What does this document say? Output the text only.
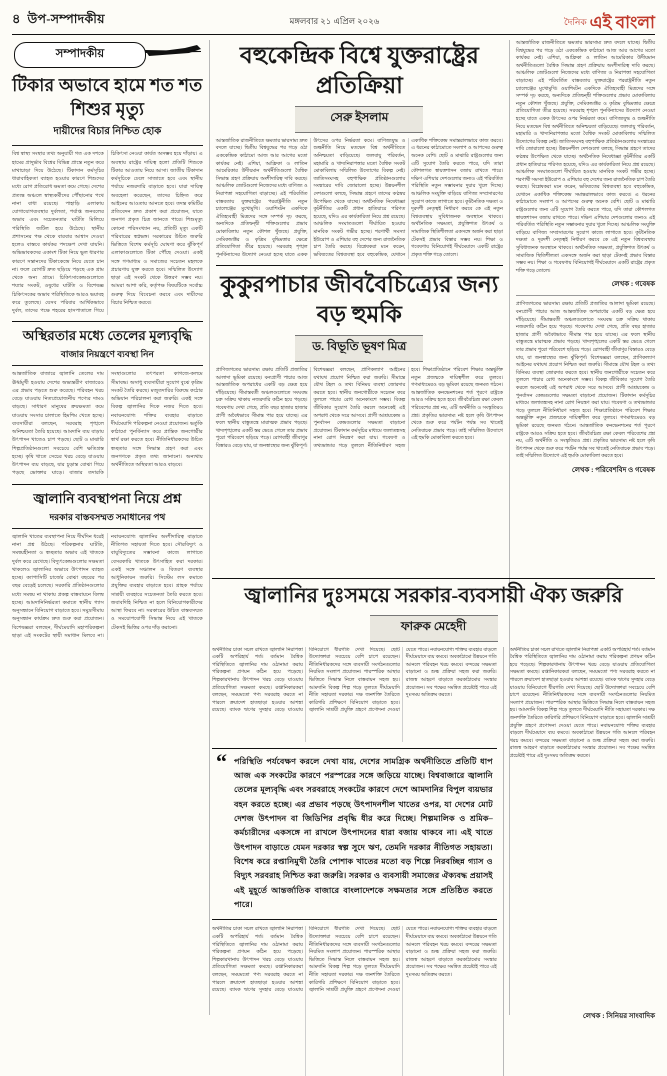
৪ উপ-সম্পাদকীয়	মঙ্গলবার ২১ এপ্রিল ২০২৬	দৈনিক এই বাংলা
সম্পাদকীয়
টিকার অভাবে হামে শত শত শিশুর মৃত্যু
দায়ীদের বিচার নিশ্চিত হোক
বিশ্ব স্বাস্থ্য সংস্থার তথ্য অনুযায়ী গত এক দশকে হামের প্রাদুর্ভাব বিশ্বের বিভিন্ন প্রান্তে নতুন করে মাথাচাড়া দিয়ে উঠেছে। টিকাদান কর্মসূচির ধারাবাহিকতা ব্যাহত হওয়ার কারণে শিশুদের মধ্যে রোগ প্রতিরোধ ক্ষমতা কমে গেছে। দেশের প্রত্যন্ত অঞ্চলে স্বাস্থ্যকর্মীদের পৌঁছানোর পথে নানা বাধা রয়েছে। পাহাড়ি এলাকায় যোগাযোগব্যবস্থার দুর্বলতা, পর্যাপ্ত জনবলের অভাব এবং সচেতনতার ঘাটতি মিলিয়ে পরিস্থিতি জটিল হয়ে উঠেছে। স্থানীয় প্রশাসনের পক্ষ থেকে বারবার আশ্বাস দেওয়া হলেও বাস্তবে কার্যকর পদক্ষেপ দেখা যায়নি। অভিভাবকদের একাংশ টিকা নিয়ে ভুল ধারণার কারণে সন্তানদের টিকাকেন্দ্রে নিয়ে যেতে চান না। ফলে রোগটি দ্রুত ছড়িয়ে পড়ছে এক গ্রাম থেকে অন্য গ্রামে। চিকিৎসাকেন্দ্রগুলোতে শয্যার সংকট, ওষুধের ঘাটতি ও বিশেষজ্ঞ চিকিৎসকের অভাব পরিস্থিতিকে আরও ভয়াবহ করে তুলেছে। যেসব পরিবার আর্থিকভাবে দুর্বল, তাদের পক্ষে শহরের হাসপাতালে গিয়ে চিকিৎসা নেওয়া কার্যত অসম্ভব হয়ে দাঁড়ায়। এ অবস্থায় রাষ্ট্রের দায়িত্ব হলো প্রতিটি শিশুকে টিকার আওতায় নিয়ে আসা। জাতীয় টিকাদান কর্মসূচিকে ঢেলে সাজাতে হবে এবং স্থানীয় পর্যায়ে নজরদারি বাড়াতে হবে। যারা দায়িত্ব অবহেলা করেছেন, তাদের চিহ্নিত করে আইনের আওতায় আনতে হবে। তদন্ত কমিটির প্রতিবেদন দ্রুত প্রকাশ করা প্রয়োজন, যাতে জনগণ প্রকৃত চিত্র জানতে পারে। শিশুমৃত্যু কোনো পরিসংখ্যান নয়, প্রতিটি মৃত্যু একটি পরিবারের স্বপ্নভঙ্গ। সরকারের উচিত জরুরি ভিত্তিতে বিশেষ কর্মসূচি ঘোষণা করে ঝুঁকিপূর্ণ এলাকাগুলোতে টিকা পৌঁছে দেওয়া। একই সঙ্গে গণমাধ্যম ও সমাজের সচেতন মহলকে প্রচারণায় যুক্ত করতে হবে। সম্মিলিত উদ্যোগ ছাড়া এই সংকট থেকে উত্তরণ সম্ভব নয়। আমরা আশা করি, কর্তৃপক্ষ বিষয়টিকে সর্বোচ্চ গুরুত্ব দিয়ে বিবেচনা করবে এবং দায়ীদের বিচার নিশ্চিত করবে।
অস্থিরতার মধ্যে তেলের মূল্যবৃদ্ধি
বাজার নিয়ন্ত্রণে ব্যবস্থা নিন
আন্তর্জাতিক বাজারে জ্বালানি তেলের দাম ঊর্ধ্বমুখী হওয়ায় দেশের অভ্যন্তরীণ বাজারেও এর প্রভাব পড়তে শুরু করেছে। পরিবহন খরচ বেড়ে যাওয়ায় নিত্যপ্রয়োজনীয় পণ্যের দামও বাড়ছে। সাধারণ মানুষের ক্রয়ক্ষমতা কমে যাওয়ায় সংসার চালাতে হিমশিম খেতে হচ্ছে। ব্যবসায়ীরা বলছেন, সরবরাহ শৃঙ্খলে অনিশ্চয়তা তৈরি হয়েছে। আমদানি ব্যয় বাড়ায় উৎপাদন খাতেও চাপ পড়ছে। ছোট ও মাঝারি শিল্পপ্রতিষ্ঠানগুলো সবচেয়ে বেশি ক্ষতিগ্রস্ত হচ্ছে। কৃষি খাতে সেচের খরচ বেড়ে যাওয়ায় উৎপাদন ব্যয় বাড়ছে, যার চূড়ান্ত বোঝা গিয়ে পড়ছে ভোক্তার ঘাড়ে। বাজার তদারকি সংস্থাগুলোর তৎপরতা কাগজে-কলমে সীমাবদ্ধ। অসাধু ব্যবসায়ীরা সুযোগ বুঝে কৃত্রিম সংকট তৈরি করছে। মজুতদারির বিরুদ্ধে কঠোর অভিযান পরিচালনা করা জরুরি। একই সঙ্গে বিকল্প জ্বালানির দিকে নজর দিতে হবে। নবায়নযোগ্য শক্তির ব্যবহার বাড়াতে দীর্ঘমেয়াদি পরিকল্পনা নেওয়া প্রয়োজন। ভর্তুকি কাঠামো পুনর্বিন্যাস করে প্রান্তিক জনগোষ্ঠীর স্বার্থ রক্ষা করতে হবে। নীতিনির্ধারকদের উচিত স্বচ্ছতার সঙ্গে সিদ্ধান্ত গ্রহণ করা এবং জনগণকে প্রকৃত তথ্য জানানো। অন্যথায় অর্থনীতিতে অস্থিরতা আরও বাড়বে।
জ্বালানি ব্যবস্থাপনা নিয়ে প্রশ্ন
দরকার বাস্তবসম্মত সমাধানের পথ
জ্বালানি খাতের ব্যবস্থাপনা নিয়ে দীর্ঘদিন ধরেই নানা প্রশ্ন উঠছে। পরিকল্পনার ঘাটতি, সমন্বয়হীনতা ও স্বচ্ছতার অভাব এই খাতকে দুর্বল করে রেখেছে। বিদ্যুৎকেন্দ্রগুলোর সক্ষমতা থাকলেও জ্বালানির অভাবে উৎপাদন ব্যাহত হচ্ছে। ক্যাপাসিটি চার্জের বোঝা বছরের পর বছর বেড়েই চলেছে। সরকারি প্রতিষ্ঠানগুলোর মধ্যে সমন্বয় না থাকায় প্রকল্প বাস্তবায়নে বিলম্ব হচ্ছে। আমদানিনির্ভরতা কমাতে স্থানীয় গ্যাস অনুসন্ধানে বিনিয়োগ বাড়াতে হবে। সমুদ্রসীমায় অনুসন্ধান কার্যক্রম দ্রুত শুরু করা প্রয়োজন। বিশেষজ্ঞরা বলছেন, দীর্ঘমেয়াদি মহাপরিকল্পনা ছাড়া এই সংকটের স্থায়ী সমাধান মিলবে না। নবায়নযোগ্য জ্বালানির অংশীদারিত্ব বাড়াতে নীতিগত সহায়তা দিতে হবে। সৌরবিদ্যুৎ ও বায়ুবিদ্যুতের সম্ভাবনা কাজে লাগাতে বেসরকারি খাতকে উৎসাহিত করা দরকার। একই সঙ্গে সঞ্চালন ও বিতরণ ব্যবস্থার আধুনিকায়ন জরুরি। সিস্টেম লস কমাতে প্রযুক্তির ব্যবহার বাড়াতে হবে। গ্রাহক পর্যায়ে সাশ্রয়ী ব্যবহারে সচেতনতা তৈরি করতে হবে। জবাবদিহি নিশ্চিত না হলে বিনিয়োগকারীদের আস্থা ফিরবে না। সরকারের উচিত বাস্তবসম্মত ও সময়োপযোগী সিদ্ধান্ত নিয়ে এই খাতকে টেকসই ভিত্তির ওপর দাঁড় করানো।
বহুকেন্দ্রিক বিশ্বে যুক্তরাষ্ট্রের প্রতিক্রিয়া
সেরু ইসলাম
আন্তর্জাতিক রাজনীতিতে ক্ষমতার ভারসাম্য দ্রুত বদলে যাচ্ছে। দ্বিতীয় বিশ্বযুদ্ধের পর গড়ে ওঠা এককেন্দ্রিক কাঠামো আজ আর আগের মতো কার্যকর নেই। এশিয়া, আফ্রিকা ও লাতিন আমেরিকার উদীয়মান অর্থনীতিগুলো বৈশ্বিক সিদ্ধান্ত গ্রহণ প্রক্রিয়ায় অংশীদারিত্ব দাবি করছে। আঞ্চলিক জোটগুলো নিজেদের মধ্যে বাণিজ্য ও নিরাপত্তা সহযোগিতা বাড়াচ্ছে। এই পরিবর্তিত বাস্তবতায় যুক্তরাষ্ট্রের পররাষ্ট্রনীতি নতুন চ্যালেঞ্জের মুখোমুখি। ওয়াশিংটন একদিকে ঐতিহ্যবাহী মিত্রদের সঙ্গে সম্পর্ক দৃঢ় করছে, অন্যদিকে প্রতিদ্বন্দ্বী শক্তিগুলোর প্রভাব মোকাবিলায় নতুন কৌশল খুঁজছে। প্রযুক্তি, সেমিকন্ডাক্টর ও কৃত্রিম বুদ্ধিমত্তার ক্ষেত্রে প্রতিযোগিতা তীব্র হয়েছে। সরবরাহ শৃঙ্খল পুনর্বিন্যাসের উদ্যোগ নেওয়া হচ্ছে যাতে একক উৎসের ওপর নির্ভরতা কমে। বাণিজ্যযুদ্ধ ও শুল্কনীতি নিয়ে মতভেদ বিশ্ব অর্থনীতিতে অনিশ্চয়তা বাড়িয়েছে। জলবায়ু পরিবর্তন, মহামারি ও খাদ্যনিরাপত্তার মতো বৈশ্বিক সংকট মোকাবিলায় সম্মিলিত উদ্যোগের বিকল্প নেই। জাতিসংঘসহ বহুপাক্ষিক প্রতিষ্ঠানগুলোর সংস্কারের দাবি জোরালো হচ্ছে। উন্নয়নশীল দেশগুলো বলছে, সিদ্ধান্ত গ্রহণে তাদের কণ্ঠস্বর উপেক্ষিত থেকে যাচ্ছে। অর্থনৈতিক নিষেধাজ্ঞা কূটনীতির একটি প্রধান হাতিয়ারে পরিণত হয়েছে, যদিও এর কার্যকারিতা নিয়ে প্রশ্ন রয়েছে। আঞ্চলিক সংঘাতগুলো দীর্ঘায়িত হওয়ায় মানবিক সংকট গভীর হচ্ছে। শরণার্থী সমস্যা ইউরোপ ও এশিয়ার বহু দেশের জন্য রাজনৈতিক চাপ তৈরি করছে। বিশ্লেষকরা মনে করেন, ভবিষ্যতের বিশ্বব্যবস্থা হবে বহুকেন্দ্রিক, যেখানে একাধিক শক্তিকেন্দ্র সমান্তরালভাবে কাজ করবে। এ ধরনের কাঠামোতে সংলাপ ও আপসের গুরুত্ব অনেক বেশি। ছোট ও মাঝারি রাষ্ট্রগুলোর জন্য এটি সুযোগ তৈরি করতে পারে, যদি তারা কৌশলগত স্বায়ত্তশাসন বজায় রাখতে পারে। দক্ষিণ এশিয়ার দেশগুলোর জন্যও এই পরিবর্তিত পরিস্থিতি নতুন সম্ভাবনার দুয়ার খুলে দিচ্ছে। আঞ্চলিক সংযুক্তি বাড়িয়ে বাণিজ্য সম্প্রসারণের সুযোগ কাজে লাগাতে হবে। কূটনৈতিক দক্ষতা ও দূরদর্শী নেতৃত্বই নির্ধারণ করবে কে এই নতুন বিশ্বব্যবস্থায় সুবিধাজনক অবস্থানে থাকবে। অর্থনৈতিক সক্ষমতা, প্রযুক্তিগত উৎকর্ষ ও সামাজিক স্থিতিশীলতা একসঙ্গে অর্জন করা ছাড়া টেকসই প্রভাব বিস্তার সম্ভব নয়। শিক্ষা ও গবেষণায় বিনিয়োগই দীর্ঘমেয়াদে একটি রাষ্ট্রের প্রকৃত শক্তি গড়ে তোলে।
কুকুরপাচার জীববৈচিত্র্যের জন্য বড় হুমকি
ড. বিভূতি ভূষণ মিত্র
প্রাণিজগতের ভারসাম্য রক্ষায় প্রতিটি প্রজাতির আলাদা ভূমিকা রয়েছে। বন্যপ্রাণী পাচার আজ আন্তর্জাতিক অপরাধের একটি বড় ক্ষেত্র হয়ে দাঁড়িয়েছে। সীমান্তবর্তী অঞ্চলগুলোতে সংঘবদ্ধ চক্র সক্রিয় থাকায় নজরদারি কঠিন হয়ে পড়ছে। গবেষণায় দেখা গেছে, প্রতি বছর হাজার হাজার প্রাণী অবৈধভাবে সীমান্ত পার হয়ে যাচ্ছে। এর ফলে স্থানীয় বাস্তুতন্ত্রে মারাত্মক প্রভাব পড়ছে। খাদ্যশৃঙ্খলের একটি স্তর ভেঙে গেলে তার প্রভাব পুরো পরিবেশে ছড়িয়ে পড়ে। রোগবাহী জীবাণুর বিস্তারও বেড়ে যায়, যা জনস্বাস্থ্যের জন্য ঝুঁকিপূর্ণ। বিশেষজ্ঞরা বলছেন, প্রাণিকল্যাণ আইনের যথাযথ প্রয়োগ নিশ্চিত করা জরুরি। সীমান্তে যৌথ টহল ও তথ্য বিনিময় ব্যবস্থা জোরদার করতে হবে। স্থানীয় জনগোষ্ঠীকে সচেতন করে তুললে পাচার রোধ অনেকাংশে সম্ভব। বিকল্প জীবিকার সুযোগ তৈরি করলে অনেকেই এই অপরাধ থেকে সরে আসবে। প্রাণী আশ্রয়কেন্দ্র ও পুনর্বাসন কেন্দ্রগুলোর সক্ষমতা বাড়ানো প্রয়োজন। টিকাদান কর্মসূচির মাধ্যমে জলাতঙ্কসহ নানা রোগ নিয়ন্ত্রণ করা যায়। গবেষণা ও তথ্যভান্ডার গড়ে তুললে নীতিনির্ধারণ সহজ হবে। শিক্ষাপ্রতিষ্ঠানে পরিবেশ শিক্ষার অন্তর্ভুক্তি নতুন প্রজন্মকে দায়িত্বশীল করে তুলবে। গণমাধ্যমেরও বড় ভূমিকা রয়েছে জনমত গঠনে। আন্তর্জাতিক কনভেনশনের শর্ত পূরণে রাষ্ট্রকে আরও সক্রিয় হতে হবে। জীববৈচিত্র্য রক্ষা কেবল পরিবেশের প্রশ্ন নয়, এটি অর্থনীতি ও সংস্কৃতিরও প্রশ্ন। প্রকৃতির ভারসাম্য নষ্ট হলে কৃষি উৎপাদন থেকে শুরু করে পর্যটন পর্যন্ত সব খাতেই নেতিবাচক প্রভাব পড়ে। তাই সম্মিলিত উদ্যোগে এই হুমকি মোকাবিলা করতে হবে।
আন্তর্জাতিক রাজনীতিতে ক্ষমতার ভারসাম্য দ্রুত বদলে যাচ্ছে। দ্বিতীয় বিশ্বযুদ্ধের পর গড়ে ওঠা এককেন্দ্রিক কাঠামো আজ আর আগের মতো কার্যকর নেই। এশিয়া, আফ্রিকা ও লাতিন আমেরিকার উদীয়মান অর্থনীতিগুলো বৈশ্বিক সিদ্ধান্ত গ্রহণ প্রক্রিয়ায় অংশীদারিত্ব দাবি করছে। আঞ্চলিক জোটগুলো নিজেদের মধ্যে বাণিজ্য ও নিরাপত্তা সহযোগিতা বাড়াচ্ছে। এই পরিবর্তিত বাস্তবতায় যুক্তরাষ্ট্রের পররাষ্ট্রনীতি নতুন চ্যালেঞ্জের মুখোমুখি। ওয়াশিংটন একদিকে ঐতিহ্যবাহী মিত্রদের সঙ্গে সম্পর্ক দৃঢ় করছে, অন্যদিকে প্রতিদ্বন্দ্বী শক্তিগুলোর প্রভাব মোকাবিলায় নতুন কৌশল খুঁজছে। প্রযুক্তি, সেমিকন্ডাক্টর ও কৃত্রিম বুদ্ধিমত্তার ক্ষেত্রে প্রতিযোগিতা তীব্র হয়েছে। সরবরাহ শৃঙ্খল পুনর্বিন্যাসের উদ্যোগ নেওয়া হচ্ছে যাতে একক উৎসের ওপর নির্ভরতা কমে। বাণিজ্যযুদ্ধ ও শুল্কনীতি নিয়ে মতভেদ বিশ্ব অর্থনীতিতে অনিশ্চয়তা বাড়িয়েছে। জলবায়ু পরিবর্তন, মহামারি ও খাদ্যনিরাপত্তার মতো বৈশ্বিক সংকট মোকাবিলায় সম্মিলিত উদ্যোগের বিকল্প নেই। জাতিসংঘসহ বহুপাক্ষিক প্রতিষ্ঠানগুলোর সংস্কারের দাবি জোরালো হচ্ছে। উন্নয়নশীল দেশগুলো বলছে, সিদ্ধান্ত গ্রহণে তাদের কণ্ঠস্বর উপেক্ষিত থেকে যাচ্ছে। অর্থনৈতিক নিষেধাজ্ঞা কূটনীতির একটি প্রধান হাতিয়ারে পরিণত হয়েছে, যদিও এর কার্যকারিতা নিয়ে প্রশ্ন রয়েছে। আঞ্চলিক সংঘাতগুলো দীর্ঘায়িত হওয়ায় মানবিক সংকট গভীর হচ্ছে। শরণার্থী সমস্যা ইউরোপ ও এশিয়ার বহু দেশের জন্য রাজনৈতিক চাপ তৈরি করছে। বিশ্লেষকরা মনে করেন, ভবিষ্যতের বিশ্বব্যবস্থা হবে বহুকেন্দ্রিক, যেখানে একাধিক শক্তিকেন্দ্র সমান্তরালভাবে কাজ করবে। এ ধরনের কাঠামোতে সংলাপ ও আপসের গুরুত্ব অনেক বেশি। ছোট ও মাঝারি রাষ্ট্রগুলোর জন্য এটি সুযোগ তৈরি করতে পারে, যদি তারা কৌশলগত স্বায়ত্তশাসন বজায় রাখতে পারে। দক্ষিণ এশিয়ার দেশগুলোর জন্যও এই পরিবর্তিত পরিস্থিতি নতুন সম্ভাবনার দুয়ার খুলে দিচ্ছে। আঞ্চলিক সংযুক্তি বাড়িয়ে বাণিজ্য সম্প্রসারণের সুযোগ কাজে লাগাতে হবে। কূটনৈতিক দক্ষতা ও দূরদর্শী নেতৃত্বই নির্ধারণ করবে কে এই নতুন বিশ্বব্যবস্থায় সুবিধাজনক অবস্থানে থাকবে। অর্থনৈতিক সক্ষমতা, প্রযুক্তিগত উৎকর্ষ ও সামাজিক স্থিতিশীলতা একসঙ্গে অর্জন করা ছাড়া টেকসই প্রভাব বিস্তার সম্ভব নয়। শিক্ষা ও গবেষণায় বিনিয়োগই দীর্ঘমেয়াদে একটি রাষ্ট্রের প্রকৃত শক্তি গড়ে তোলে।
লেখক : গবেষক
প্রাণিজগতের ভারসাম্য রক্ষায় প্রতিটি প্রজাতির আলাদা ভূমিকা রয়েছে। বন্যপ্রাণী পাচার আজ আন্তর্জাতিক অপরাধের একটি বড় ক্ষেত্র হয়ে দাঁড়িয়েছে। সীমান্তবর্তী অঞ্চলগুলোতে সংঘবদ্ধ চক্র সক্রিয় থাকায় নজরদারি কঠিন হয়ে পড়ছে। গবেষণায় দেখা গেছে, প্রতি বছর হাজার হাজার প্রাণী অবৈধভাবে সীমান্ত পার হয়ে যাচ্ছে। এর ফলে স্থানীয় বাস্তুতন্ত্রে মারাত্মক প্রভাব পড়ছে। খাদ্যশৃঙ্খলের একটি স্তর ভেঙে গেলে তার প্রভাব পুরো পরিবেশে ছড়িয়ে পড়ে। রোগবাহী জীবাণুর বিস্তারও বেড়ে যায়, যা জনস্বাস্থ্যের জন্য ঝুঁকিপূর্ণ। বিশেষজ্ঞরা বলছেন, প্রাণিকল্যাণ আইনের যথাযথ প্রয়োগ নিশ্চিত করা জরুরি। সীমান্তে যৌথ টহল ও তথ্য বিনিময় ব্যবস্থা জোরদার করতে হবে। স্থানীয় জনগোষ্ঠীকে সচেতন করে তুললে পাচার রোধ অনেকাংশে সম্ভব। বিকল্প জীবিকার সুযোগ তৈরি করলে অনেকেই এই অপরাধ থেকে সরে আসবে। প্রাণী আশ্রয়কেন্দ্র ও পুনর্বাসন কেন্দ্রগুলোর সক্ষমতা বাড়ানো প্রয়োজন। টিকাদান কর্মসূচির মাধ্যমে জলাতঙ্কসহ নানা রোগ নিয়ন্ত্রণ করা যায়। গবেষণা ও তথ্যভান্ডার গড়ে তুললে নীতিনির্ধারণ সহজ হবে। শিক্ষাপ্রতিষ্ঠানে পরিবেশ শিক্ষার অন্তর্ভুক্তি নতুন প্রজন্মকে দায়িত্বশীল করে তুলবে। গণমাধ্যমেরও বড় ভূমিকা রয়েছে জনমত গঠনে। আন্তর্জাতিক কনভেনশনের শর্ত পূরণে রাষ্ট্রকে আরও সক্রিয় হতে হবে। জীববৈচিত্র্য রক্ষা কেবল পরিবেশের প্রশ্ন নয়, এটি অর্থনীতি ও সংস্কৃতিরও প্রশ্ন। প্রকৃতির ভারসাম্য নষ্ট হলে কৃষি উৎপাদন থেকে শুরু করে পর্যটন পর্যন্ত সব খাতেই নেতিবাচক প্রভাব পড়ে। তাই সম্মিলিত উদ্যোগে এই হুমকি মোকাবিলা করতে হবে।
লেখক : পরিবেশবিদ ও গবেষক
জ্বালানির দুঃসময়ে সরকার-ব্যবসায়ী ঐক্য জরুরি
ফারুক মেহেদী
অর্থনীতির চাকা সচল রাখতে জ্বালানি নিরাপত্তা একটি অপরিহার্য শর্ত। বর্তমান বৈশ্বিক পরিস্থিতিতে জ্বালানির দাম ওঠানামা করায় পরিকল্পনা প্রণয়ন কঠিন হয়ে পড়েছে। শিল্পকারখানায় উৎপাদন খরচ বেড়ে যাওয়ায় প্রতিযোগিতা সক্ষমতা কমছে। রপ্তানিকারকরা বলছেন, সময়মতো পণ্য সরবরাহ করতে না পারলে ক্রয়াদেশ হাতছাড়া হওয়ার আশঙ্কা রয়েছে। ব্যাংক ঋণের সুদহার বেড়ে যাওয়ায় বিনিয়োগে ধীরগতি দেখা দিয়েছে। ছোট উদ্যোক্তারা সবচেয়ে বেশি চাপে রয়েছেন। নীতিনির্ধারকদের সঙ্গে ব্যবসায়ী সংগঠনগুলোর নিয়মিত সংলাপ প্রয়োজন। পারস্পরিক আস্থার ভিত্তিতে সিদ্ধান্ত নিলে বাস্তবায়ন সহজ হয়। আমদানি বিকল্প শিল্প গড়ে তুলতে দীর্ঘমেয়াদি নীতি সহায়তা দরকার। দক্ষ জনশক্তি তৈরিতে কারিগরি প্রশিক্ষণে বিনিয়োগ বাড়াতে হবে। জ্বালানি সাশ্রয়ী প্রযুক্তি গ্রহণে প্রণোদনা দেওয়া যেতে পারে। নবায়নযোগ্য শক্তির ব্যবহার বাড়লে দীর্ঘমেয়াদে ব্যয় কমবে। অবকাঠামো উন্নয়নে গতি আনলে পরিবহন খরচ কমবে। বন্দরের সক্ষমতা বাড়ানো ও শুল্ক প্রক্রিয়া সহজ করা জরুরি। রাজস্ব আহরণ বাড়াতে করকাঠামোর সংস্কার প্রয়োজন। সব পক্ষের সমন্বিত প্রচেষ্টাই পারে এই দুঃসময় অতিক্রম করতে।
“ পরিস্থিতি পর্যবেক্ষণ করলে দেখা যায়, দেশের সামগ্রিক অর্থনীতিতে প্রতিটি ধাপ আজ এক সংকটের কারণে পরস্পরের সঙ্গে জড়িয়ে যাচ্ছে। বিশ্ববাজারে জ্বালানি তেলের মূল্যবৃদ্ধি এবং সরবরাহে সংকটের কারণে দেশে আমদানির বিপুল ব্যয়ভার বহন করতে হচ্ছে। এর প্রভাব পড়ছে উৎপাদনশীল খাতের ওপর, যা দেশের মোট দেশজ উৎপাদন বা জিডিপির প্রবৃদ্ধি ধীর করে দিচ্ছে। শিল্পমালিক ও শ্রমিক–কর্মচারীদের একসঙ্গে না রাখলে উৎপাদনের ধারা বজায় থাকবে না। এই খাতে উৎপাদন বাড়াতে যেমন দরকার স্বল্প সুদে ঋণ, তেমনি দরকার নীতিগত সহায়তা। বিশেষ করে রপ্তানিমুখী তৈরি পোশাক খাতের মতো বড় শিল্পে নিরবচ্ছিন্ন গ্যাস ও বিদ্যুৎ সরবরাহ নিশ্চিত করা জরুরি। সরকার ও ব্যবসায়ী সমাজের ঐক্যবদ্ধ প্রয়াসই এই মুহূর্তে আন্তর্জাতিক বাজারে বাংলাদেশকে সক্ষমতার সঙ্গে প্রতিষ্ঠিত করতে পারে।
অর্থনীতির চাকা সচল রাখতে জ্বালানি নিরাপত্তা একটি অপরিহার্য শর্ত। বর্তমান বৈশ্বিক পরিস্থিতিতে জ্বালানির দাম ওঠানামা করায় পরিকল্পনা প্রণয়ন কঠিন হয়ে পড়েছে। শিল্পকারখানায় উৎপাদন খরচ বেড়ে যাওয়ায় প্রতিযোগিতা সক্ষমতা কমছে। রপ্তানিকারকরা বলছেন, সময়মতো পণ্য সরবরাহ করতে না পারলে ক্রয়াদেশ হাতছাড়া হওয়ার আশঙ্কা রয়েছে। ব্যাংক ঋণের সুদহার বেড়ে যাওয়ায় বিনিয়োগে ধীরগতি দেখা দিয়েছে। ছোট উদ্যোক্তারা সবচেয়ে বেশি চাপে রয়েছেন। নীতিনির্ধারকদের সঙ্গে ব্যবসায়ী সংগঠনগুলোর নিয়মিত সংলাপ প্রয়োজন। পারস্পরিক আস্থার ভিত্তিতে সিদ্ধান্ত নিলে বাস্তবায়ন সহজ হয়। আমদানি বিকল্প শিল্প গড়ে তুলতে দীর্ঘমেয়াদি নীতি সহায়তা দরকার। দক্ষ জনশক্তি তৈরিতে কারিগরি প্রশিক্ষণে বিনিয়োগ বাড়াতে হবে। জ্বালানি সাশ্রয়ী প্রযুক্তি গ্রহণে প্রণোদনা দেওয়া যেতে পারে। নবায়নযোগ্য শক্তির ব্যবহার বাড়লে দীর্ঘমেয়াদে ব্যয় কমবে। অবকাঠামো উন্নয়নে গতি আনলে পরিবহন খরচ কমবে। বন্দরের সক্ষমতা বাড়ানো ও শুল্ক প্রক্রিয়া সহজ করা জরুরি। রাজস্ব আহরণ বাড়াতে করকাঠামোর সংস্কার প্রয়োজন। সব পক্ষের সমন্বিত প্রচেষ্টাই পারে এই দুঃসময় অতিক্রম করতে।
অর্থনীতির চাকা সচল রাখতে জ্বালানি নিরাপত্তা একটি অপরিহার্য শর্ত। বর্তমান বৈশ্বিক পরিস্থিতিতে জ্বালানির দাম ওঠানামা করায় পরিকল্পনা প্রণয়ন কঠিন হয়ে পড়েছে। শিল্পকারখানায় উৎপাদন খরচ বেড়ে যাওয়ায় প্রতিযোগিতা সক্ষমতা কমছে। রপ্তানিকারকরা বলছেন, সময়মতো পণ্য সরবরাহ করতে না পারলে ক্রয়াদেশ হাতছাড়া হওয়ার আশঙ্কা রয়েছে। ব্যাংক ঋণের সুদহার বেড়ে যাওয়ায় বিনিয়োগে ধীরগতি দেখা দিয়েছে। ছোট উদ্যোক্তারা সবচেয়ে বেশি চাপে রয়েছেন। নীতিনির্ধারকদের সঙ্গে ব্যবসায়ী সংগঠনগুলোর নিয়মিত সংলাপ প্রয়োজন। পারস্পরিক আস্থার ভিত্তিতে সিদ্ধান্ত নিলে বাস্তবায়ন সহজ হয়। আমদানি বিকল্প শিল্প গড়ে তুলতে দীর্ঘমেয়াদি নীতি সহায়তা দরকার। দক্ষ জনশক্তি তৈরিতে কারিগরি প্রশিক্ষণে বিনিয়োগ বাড়াতে হবে। জ্বালানি সাশ্রয়ী প্রযুক্তি গ্রহণে প্রণোদনা দেওয়া যেতে পারে। নবায়নযোগ্য শক্তির ব্যবহার বাড়লে দীর্ঘমেয়াদে ব্যয় কমবে। অবকাঠামো উন্নয়নে গতি আনলে পরিবহন খরচ কমবে। বন্দরের সক্ষমতা বাড়ানো ও শুল্ক প্রক্রিয়া সহজ করা জরুরি। রাজস্ব আহরণ বাড়াতে করকাঠামোর সংস্কার প্রয়োজন। সব পক্ষের সমন্বিত প্রচেষ্টাই পারে এই দুঃসময় অতিক্রম করতে।
লেখক : সিনিয়র সাংবাদিক
